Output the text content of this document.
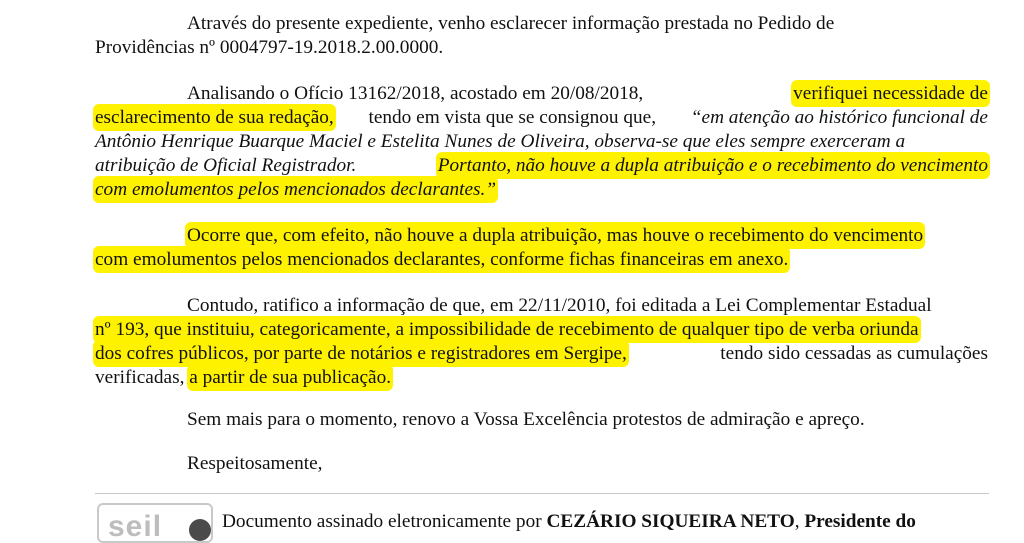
Através do presente expediente, venho esclarecer informação prestada no Pedido de
Providências nº 0004797-19.2018.2.00.0000.
Analisando o Ofício 13162/2018, acostado em 20/08/2018,	verifiquei necessidade de
esclarecimento de sua redação, tendo em vista que se consignou que, “em atenção ao histórico funcional de
Antônio Henrique Buarque Maciel e Estelita Nunes de Oliveira, observa-se que eles sempre exerceram a
atribuição de Oficial Registrador.	Portanto, não houve a dupla atribuição e o recebimento do vencimento
com emolumentos pelos mencionados declarantes.”
Ocorre que, com efeito, não houve a dupla atribuição, mas houve o recebimento do vencimento
com emolumentos pelos mencionados declarantes, conforme fichas financeiras em anexo.
Contudo, ratifico a informação de que, em 22/11/2010, foi editada a Lei Complementar Estadual
nº 193, que instituiu, categoricamente, a impossibilidade de recebimento de qualquer tipo de verba oriunda
dos cofres públicos, por parte de notários e registradores em Sergipe,	tendo sido cessadas as cumulações
verificadas,
a partir de sua publicação.
Sem mais para o momento, renovo a Vossa Excelência protestos de admiração e apreço.
Respeitosamente,
seil	Documento assinado eletronicamente por CEZÁRIO SIQUEIRA NETO, Presidente do
